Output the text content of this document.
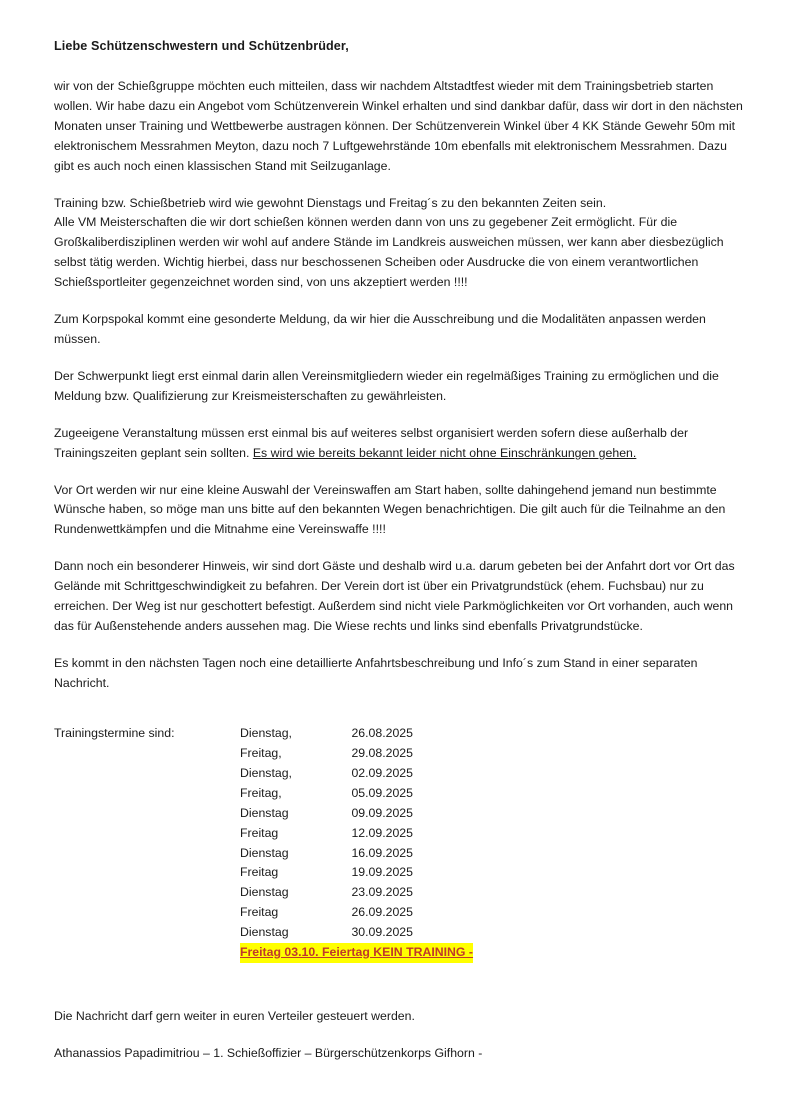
Liebe Schützenschwestern und Schützenbrüder,

wir von der Schießgruppe möchten euch mitteilen, dass wir nachdem Altstadtfest wieder mit dem Trainingsbetrieb starten wollen. Wir habe dazu ein Angebot vom Schützenverein Winkel erhalten und sind dankbar dafür, dass wir dort in den nächsten Monaten unser Training und Wettbewerbe austragen können. Der Schützenverein Winkel über 4 KK Stände Gewehr 50m mit elektronischem Messrahmen Meyton, dazu noch 7 Luftgewehrstände 10m ebenfalls mit elektronischem Messrahmen. Dazu gibt es auch noch einen klassischen Stand mit Seilzuganlage.

Training bzw. Schießbetrieb wird wie gewohnt Dienstags und Freitag´s zu den bekannten Zeiten sein.

Alle VM Meisterschaften die wir dort schießen können werden dann von uns zu gegebener Zeit ermöglicht. Für die Großkaliberdisziplinen werden wir wohl auf andere Stände im Landkreis ausweichen müssen, wer kann aber diesbezüglich selbst tätig werden. Wichtig hierbei, dass nur beschossenen Scheiben oder Ausdrucke die von einem verantwortlichen Schießsportleiter gegenzeichnet worden sind, von uns akzeptiert werden !!!!

Zum Korpspokal kommt eine gesonderte Meldung, da wir hier die Ausschreibung und die Modalitäten anpassen werden müssen.

Der Schwerpunkt liegt erst einmal darin allen Vereinsmitgliedern wieder ein regelmäßiges Training zu ermöglichen und die Meldung bzw. Qualifizierung zur Kreismeisterschaften zu gewährleisten.

Zugeeigene Veranstaltung müssen erst einmal bis auf weiteres selbst organisiert werden sofern diese außerhalb der Trainingszeiten geplant sein sollten. Es wird wie bereits bekannt leider nicht ohne Einschränkungen gehen.

Vor Ort werden wir nur eine kleine Auswahl der Vereinswaffen am Start haben, sollte dahingehend jemand nun bestimmte Wünsche haben, so möge man uns bitte auf den bekannten Wegen benachrichtigen. Die gilt auch für die Teilnahme an den Rundenwettkämpfen und die Mitnahme eine Vereinswaffe !!!!

Dann noch ein besonderer Hinweis, wir sind dort Gäste und deshalb wird u.a. darum gebeten bei der Anfahrt dort vor Ort das Gelände mit Schrittgeschwindigkeit zu befahren. Der Verein dort ist über ein Privatgrundstück (ehem. Fuchsbau) nur zu erreichen. Der Weg ist nur geschottert befestigt. Außerdem sind nicht viele Parkmöglichkeiten vor Ort vorhanden, auch wenn das für Außenstehende anders aussehen mag. Die Wiese rechts und links sind ebenfalls Privatgrundstücke.

Es kommt in den nächsten Tagen noch eine detaillierte Anfahrtsbeschreibung und Info´s zum Stand in einer separaten Nachricht.

Trainingstermine sind:	Dienstag,	26.08.2025
Freitag,	29.08.2025
Dienstag,	02.09.2025
Freitag,	05.09.2025
Dienstag	09.09.2025
Freitag	12.09.2025
Dienstag	16.09.2025
Freitag	19.09.2025
Dienstag	23.09.2025
Freitag	26.09.2025
Dienstag	30.09.2025
Freitag 03.10. Feiertag KEIN TRAINING -	

Die Nachricht darf gern weiter in euren Verteiler gesteuert werden.

Athanassios Papadimitriou – 1. Schießoffizier – Bürgerschützenkorps Gifhorn -
